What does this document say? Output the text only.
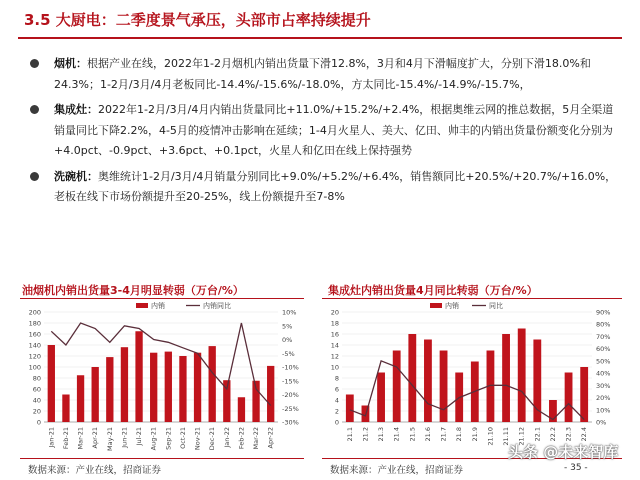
3.5 大厨电：二季度景气承压，头部市占率持续提升
烟机：根据产业在线，2022年1-2月烟机内销出货量下滑12.8%，3月和4月下滑幅度扩大，分别下滑18.0%和24.3%；1-2月/3月/4月老板同比-14.4%/-15.6%/-18.0%，方太同比-15.4%/-14.9%/-15.7%，
集成灶：2022年1-2月/3月/4月内销出货量同比+11.0%/+15.2%/+2.4%，根据奥维云网的推总数据，5月全渠道销量同比下降2.2%，4-5月的疫情冲击影响在延续；1-4月火星人、美大、亿田、帅丰的内销出货量份额变化分别为+4.0pct、-0.9pct、+3.6pct、+0.1pct，火星人和亿田在线上保持强势
洗碗机：奥维统计1-2月/3月/4月销量分别同比+9.0%/+5.2%/+6.4%，销售额同比+20.5%/+20.7%/+16.0%，老板在线下市场份额提升至20-25%，线上份额提升至7-8%
油烟机内销出货量3-4月明显转弱（万台/%）
0
20
40
60
80
100
120
140
160
180
200	10%
5%
0%
-5%
-10%
-15%
-20%
-25%
-30%
Jan-21 Feb-21 Mar-21 Apr-21 May-21 Jun-21 Jul-21 Aug-21 Sep-21 Oct-21 Nov-21 Dec-21 Jan-22 Feb-22 Mar-22 Apr-22
内销	内销同比
数据来源：产业在线，招商证券
集成灶内销出货量4月同比转弱（万台/%）
0
2
4
6
8
10
12
14
16
18
20	90%
80%
70%
60%
50%
40%
30%
20%
10%
0%
21.1 21.2 21.3 21.4 21.5 21.6 21.7 21.8 21.9 21.10 21.11 21.12 22.1 22.2 22.3 22.4
内销	同比
数据来源：产业在线，招商证券
头条 @未来智库
- 35 -
